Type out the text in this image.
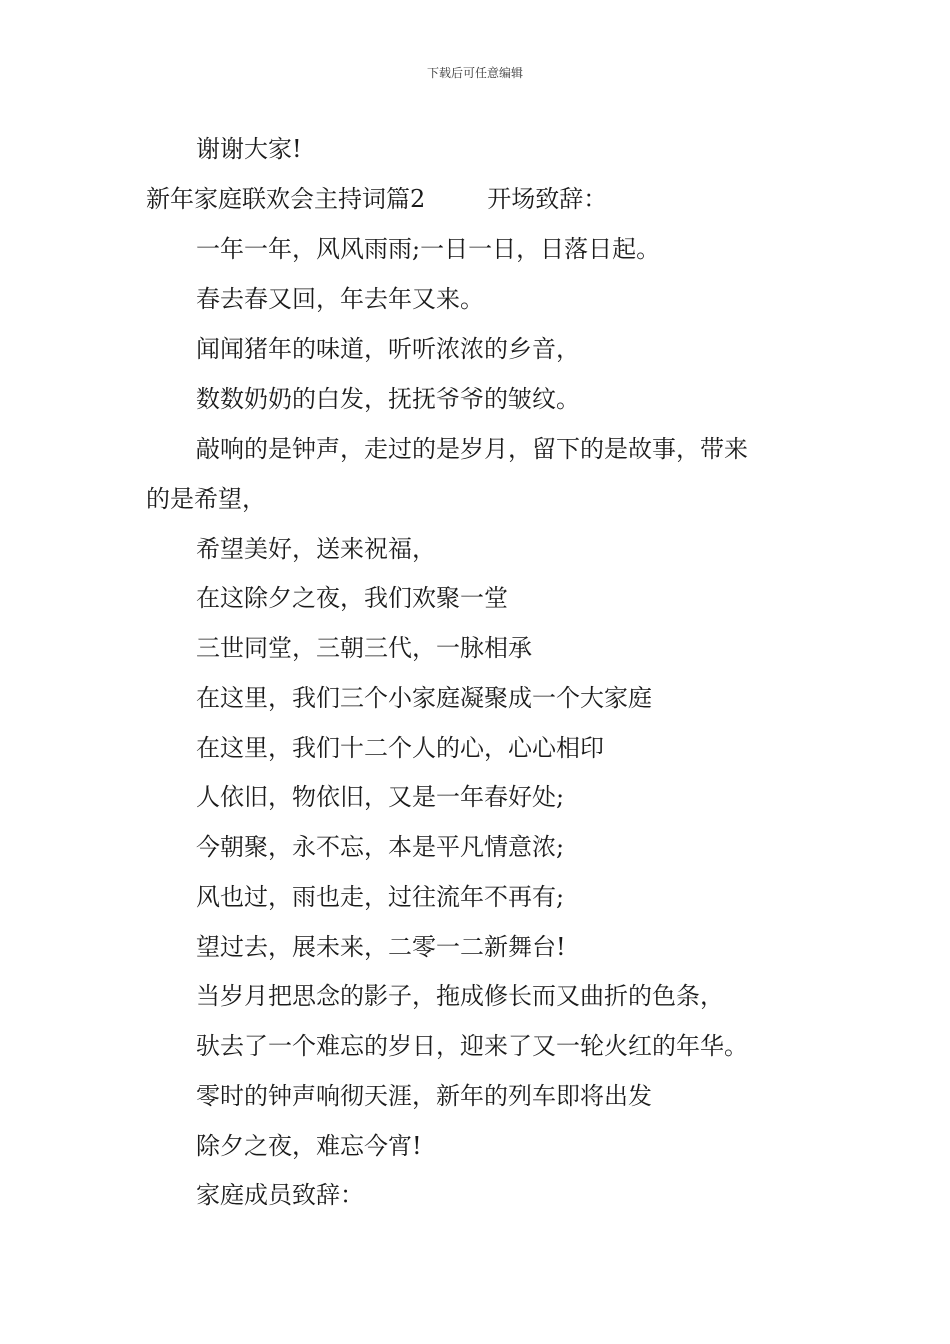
下载后可任意编辑
谢谢大家!
新年家庭联欢会主持词篇2	开场致辞：
一年一年，风风雨雨;一日一日，日落日起。
春去春又回，年去年又来。
闻闻猪年的味道，听听浓浓的乡音，
数数奶奶的白发，抚抚爷爷的皱纹。
敲响的是钟声，走过的是岁月，留下的是故事，带来
的是希望，
希望美好，送来祝福，
在这除夕之夜，我们欢聚一堂
三世同堂，三朝三代，一脉相承
在这里，我们三个小家庭凝聚成一个大家庭
在这里，我们十二个人的心，心心相印
人依旧，物依旧，又是一年春好处;
今朝聚，永不忘，本是平凡情意浓;
风也过，雨也走，过往流年不再有;
望过去，展未来，二零一二新舞台!
当岁月把思念的影子，拖成修长而又曲折的色条，
驮去了一个难忘的岁日，迎来了又一轮火红的年华。
零时的钟声响彻天涯，新年的列车即将出发
除夕之夜，难忘今宵!
家庭成员致辞：
